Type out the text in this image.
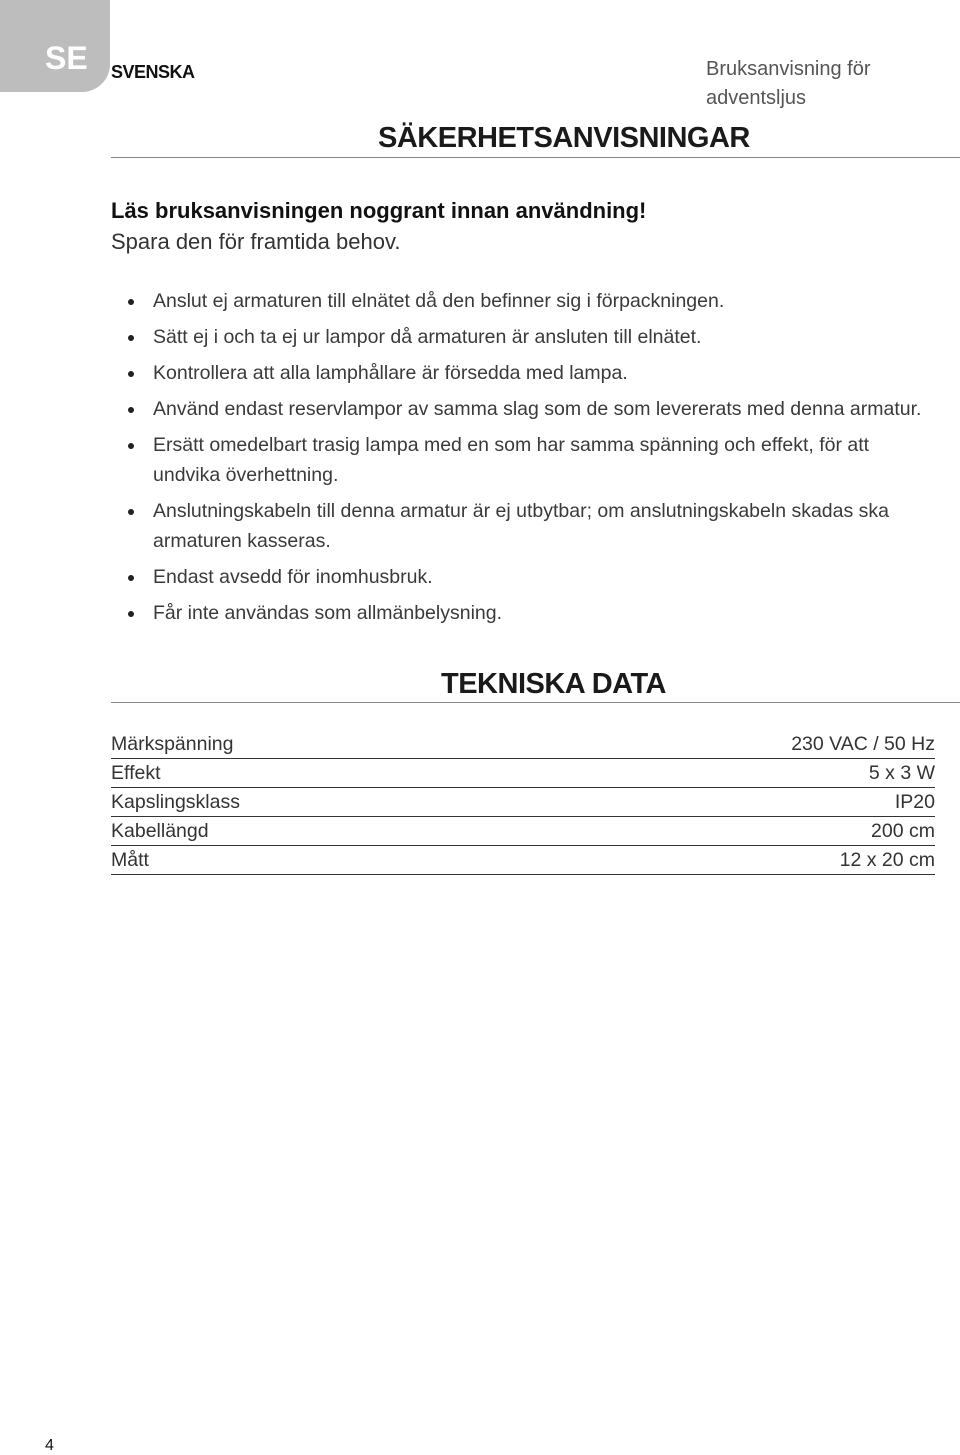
SE SVENSKA	Bruksanvisning för adventsljus
SÄKERHETSANVISNINGAR
Läs bruksanvisningen noggrant innan användning!
Spara den för framtida behov.
Anslut ej armaturen till elnätet då den befinner sig i förpackningen.
Sätt ej i och ta ej ur lampor då armaturen är ansluten till elnätet.
Kontrollera att alla lamphållare är försedda med lampa.
Använd endast reservlampor av samma slag som de som levererats med denna armatur.
Ersätt omedelbart trasig lampa med en som har samma spänning och effekt, för att undvika överhettning.
Anslutningskabeln till denna armatur är ej utbytbar; om anslutningskabeln skadas ska armaturen kasseras.
Endast avsedd för inomhusbruk.
Får inte användas som allmänbelysning.
TEKNISKA DATA
Märkspänning	230 VAC / 50 Hz
Effekt	5 x 3 W
Kapslingsklass	IP20
Kabellängd	200 cm
Mått	12 x 20 cm
4
